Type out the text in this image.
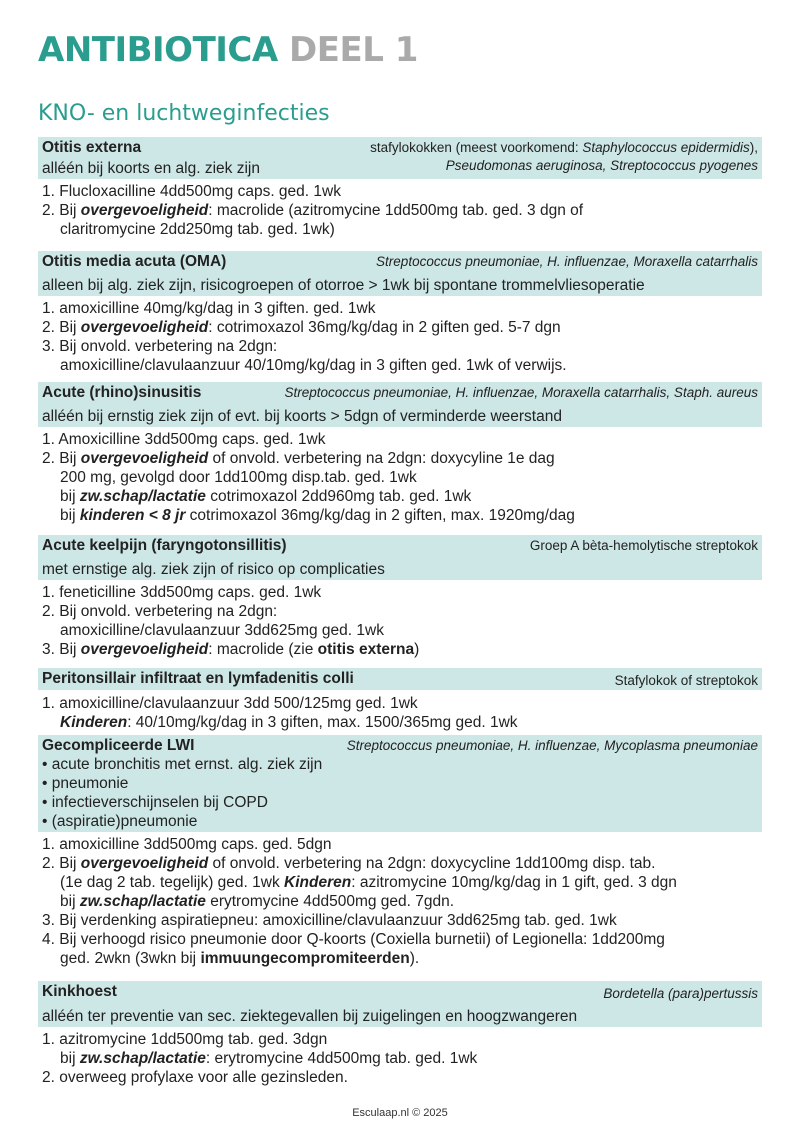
ANTIBIOTICA DEEL 1
KNO- en luchtweginfecties
Otitis externa	stafylokokken (meest voorkomend: Staphylococcus epidermidis),
alléén bij koorts en alg. ziek zijn	Pseudomonas aeruginosa, Streptococcus pyogenes
1. Flucloxacilline 4dd500mg caps. ged. 1wk
2. Bij overgevoeligheid: macrolide (azitromycine 1dd500mg tab. ged. 3 dgn of
claritromycine 2dd250mg tab. ged. 1wk)
Otitis media acuta (OMA)	Streptococcus pneumoniae, H. influenzae, Moraxella catarrhalis
alleen bij alg. ziek zijn, risicogroepen of otorroe > 1wk bij spontane trommelvliesoperatie
1. amoxicilline 40mg/kg/dag in 3 giften. ged. 1wk
2. Bij overgevoeligheid: cotrimoxazol 36mg/kg/dag in 2 giften ged. 5-7 dgn
3. Bij onvold. verbetering na 2dgn:
amoxicilline/clavulaanzuur 40/10mg/kg/dag in 3 giften ged. 1wk of verwijs.
Acute (rhino)sinusitis	Streptococcus pneumoniae, H. influenzae, Moraxella catarrhalis, Staph. aureus
alléén bij ernstig ziek zijn of evt. bij koorts > 5dgn of verminderde weerstand
1. Amoxicilline 3dd500mg caps. ged. 1wk
2. Bij overgevoeligheid of onvold. verbetering na 2dgn: doxycyline 1e dag
200 mg, gevolgd door 1dd100mg disp.tab. ged. 1wk
bij zw.schap/lactatie cotrimoxazol 2dd960mg tab. ged. 1wk
bij kinderen < 8 jr cotrimoxazol 36mg/kg/dag in 2 giften, max. 1920mg/dag
Acute keelpijn (faryngotonsillitis)	Groep A bèta-hemolytische streptokok
met ernstige alg. ziek zijn of risico op complicaties
1. feneticilline 3dd500mg caps. ged. 1wk
2. Bij onvold. verbetering na 2dgn:
amoxicilline/clavulaanzuur 3dd625mg ged. 1wk
3. Bij overgevoeligheid: macrolide (zie otitis externa)
Peritonsillair infiltraat en lymfadenitis colli	Stafylokok of streptokok
1. amoxicilline/clavulaanzuur 3dd 500/125mg ged. 1wk
Kinderen: 40/10mg/kg/dag in 3 giften, max. 1500/365mg ged. 1wk
Gecompliceerde LWI	Streptococcus pneumoniae, H. influenzae, Mycoplasma pneumoniae
• acute bronchitis met ernst. alg. ziek zijn
• pneumonie
• infectieverschijnselen bij COPD
• (aspiratie)pneumonie
1. amoxicilline 3dd500mg caps. ged. 5dgn
2. Bij overgevoeligheid of onvold. verbetering na 2dgn: doxycycline 1dd100mg disp. tab.
(1e dag 2 tab. tegelijk) ged. 1wk Kinderen: azitromycine 10mg/kg/dag in 1 gift, ged. 3 dgn
bij zw.schap/lactatie erytromycine 4dd500mg ged. 7gdn.
3. Bij verdenking aspiratiepneu: amoxicilline/clavulaanzuur 3dd625mg tab. ged. 1wk
4. Bij verhoogd risico pneumonie door Q-koorts (Coxiella burnetii) of Legionella: 1dd200mg
ged. 2wkn (3wkn bij immuungecompromiteerden).
Kinkhoest	Bordetella (para)pertussis
alléén ter preventie van sec. ziektegevallen bij zuigelingen en hoogzwangeren
1. azitromycine 1dd500mg tab. ged. 3dgn
bij zw.schap/lactatie: erytromycine 4dd500mg tab. ged. 1wk
2. overweeg profylaxe voor alle gezinsleden.
Esculaap.nl © 2025
